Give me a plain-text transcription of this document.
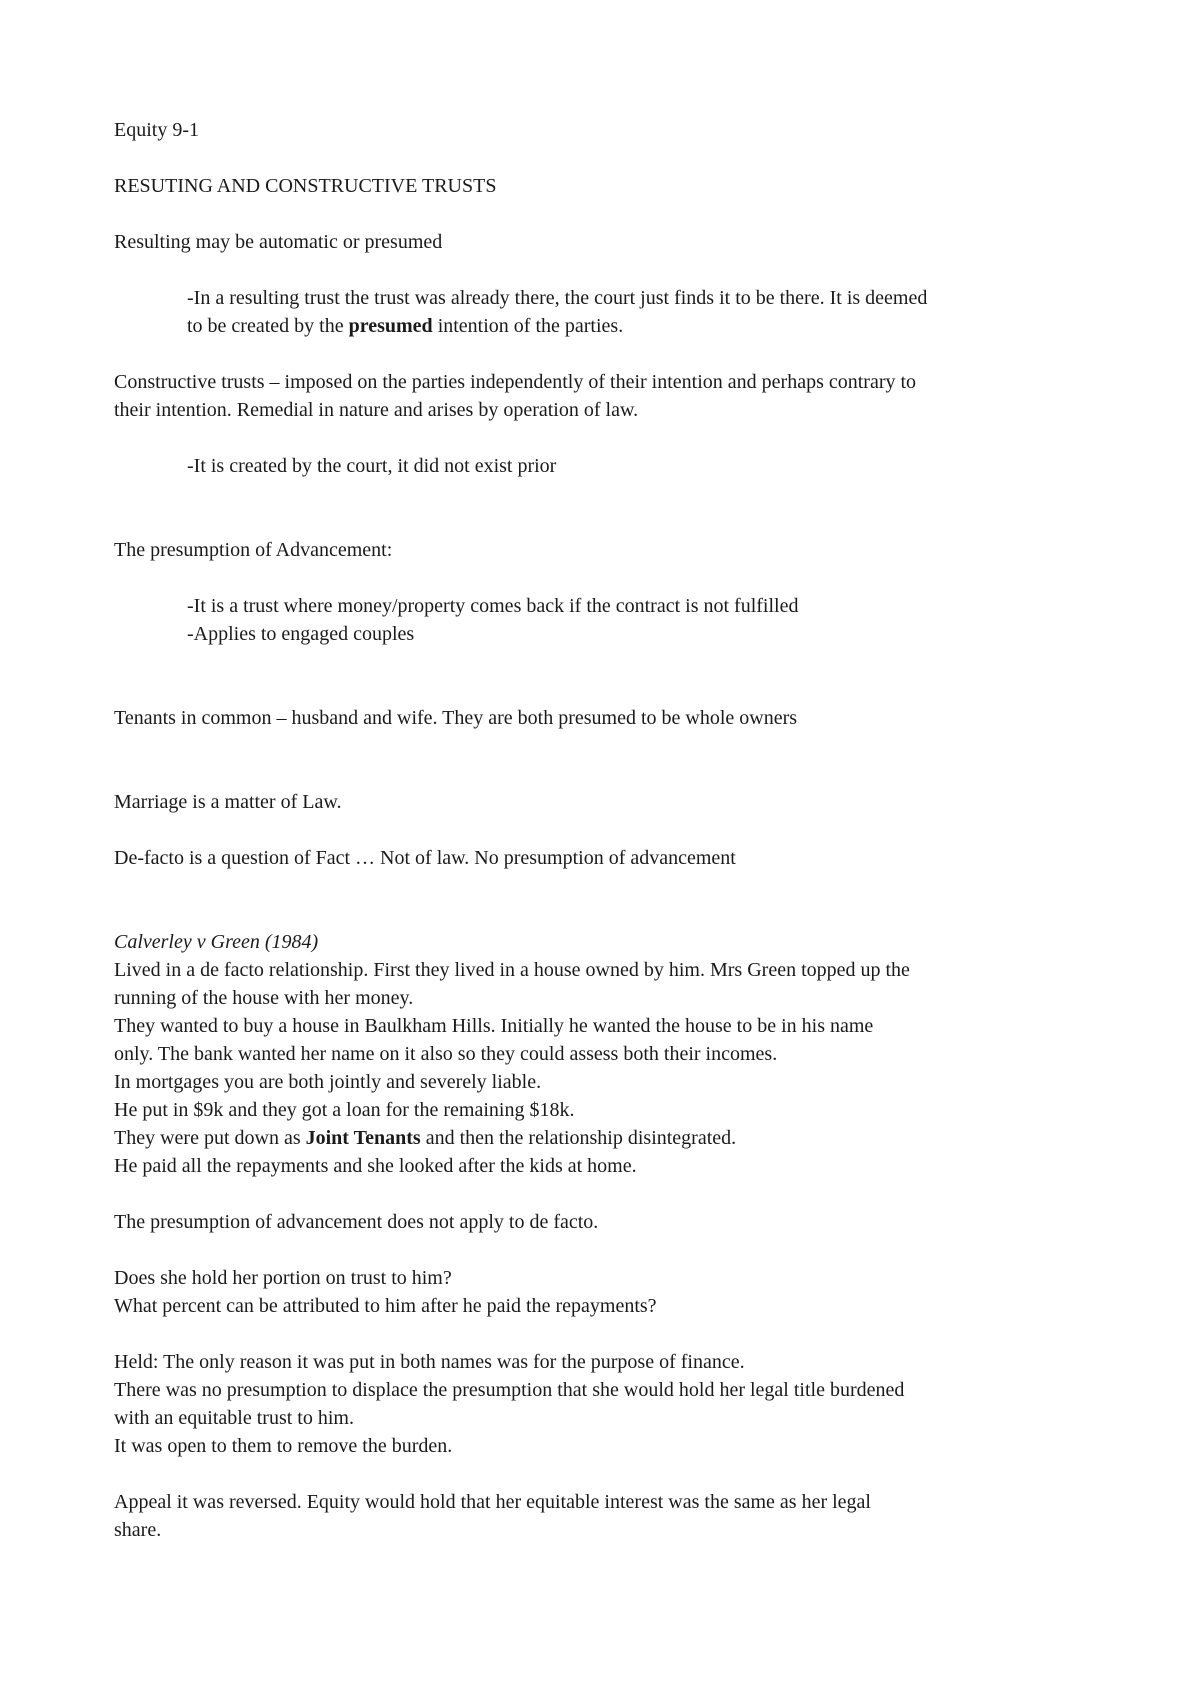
Equity 9-1
RESUTING AND CONSTRUCTIVE TRUSTS
Resulting may be automatic or presumed
-In a resulting trust the trust was already there, the court just finds it to be there. It is deemed
to be created by the presumed intention of the parties.
Constructive trusts – imposed on the parties independently of their intention and perhaps contrary to
their intention. Remedial in nature and arises by operation of law.
-It is created by the court, it did not exist prior
The presumption of Advancement:
-It is a trust where money/property comes back if the contract is not fulfilled
-Applies to engaged couples
Tenants in common – husband and wife. They are both presumed to be whole owners
Marriage is a matter of Law.
De-facto is a question of Fact … Not of law. No presumption of advancement
Calverley v Green (1984)
Lived in a de facto relationship. First they lived in a house owned by him. Mrs Green topped up the
running of the house with her money.
They wanted to buy a house in Baulkham Hills. Initially he wanted the house to be in his name
only. The bank wanted her name on it also so they could assess both their incomes.
In mortgages you are both jointly and severely liable.
He put in $9k and they got a loan for the remaining $18k.
They were put down as Joint Tenants and then the relationship disintegrated.
He paid all the repayments and she looked after the kids at home.
The presumption of advancement does not apply to de facto.
Does she hold her portion on trust to him?
What percent can be attributed to him after he paid the repayments?
Held: The only reason it was put in both names was for the purpose of finance.
There was no presumption to displace the presumption that she would hold her legal title burdened
with an equitable trust to him.
It was open to them to remove the burden.
Appeal it was reversed. Equity would hold that her equitable interest was the same as her legal
share.
